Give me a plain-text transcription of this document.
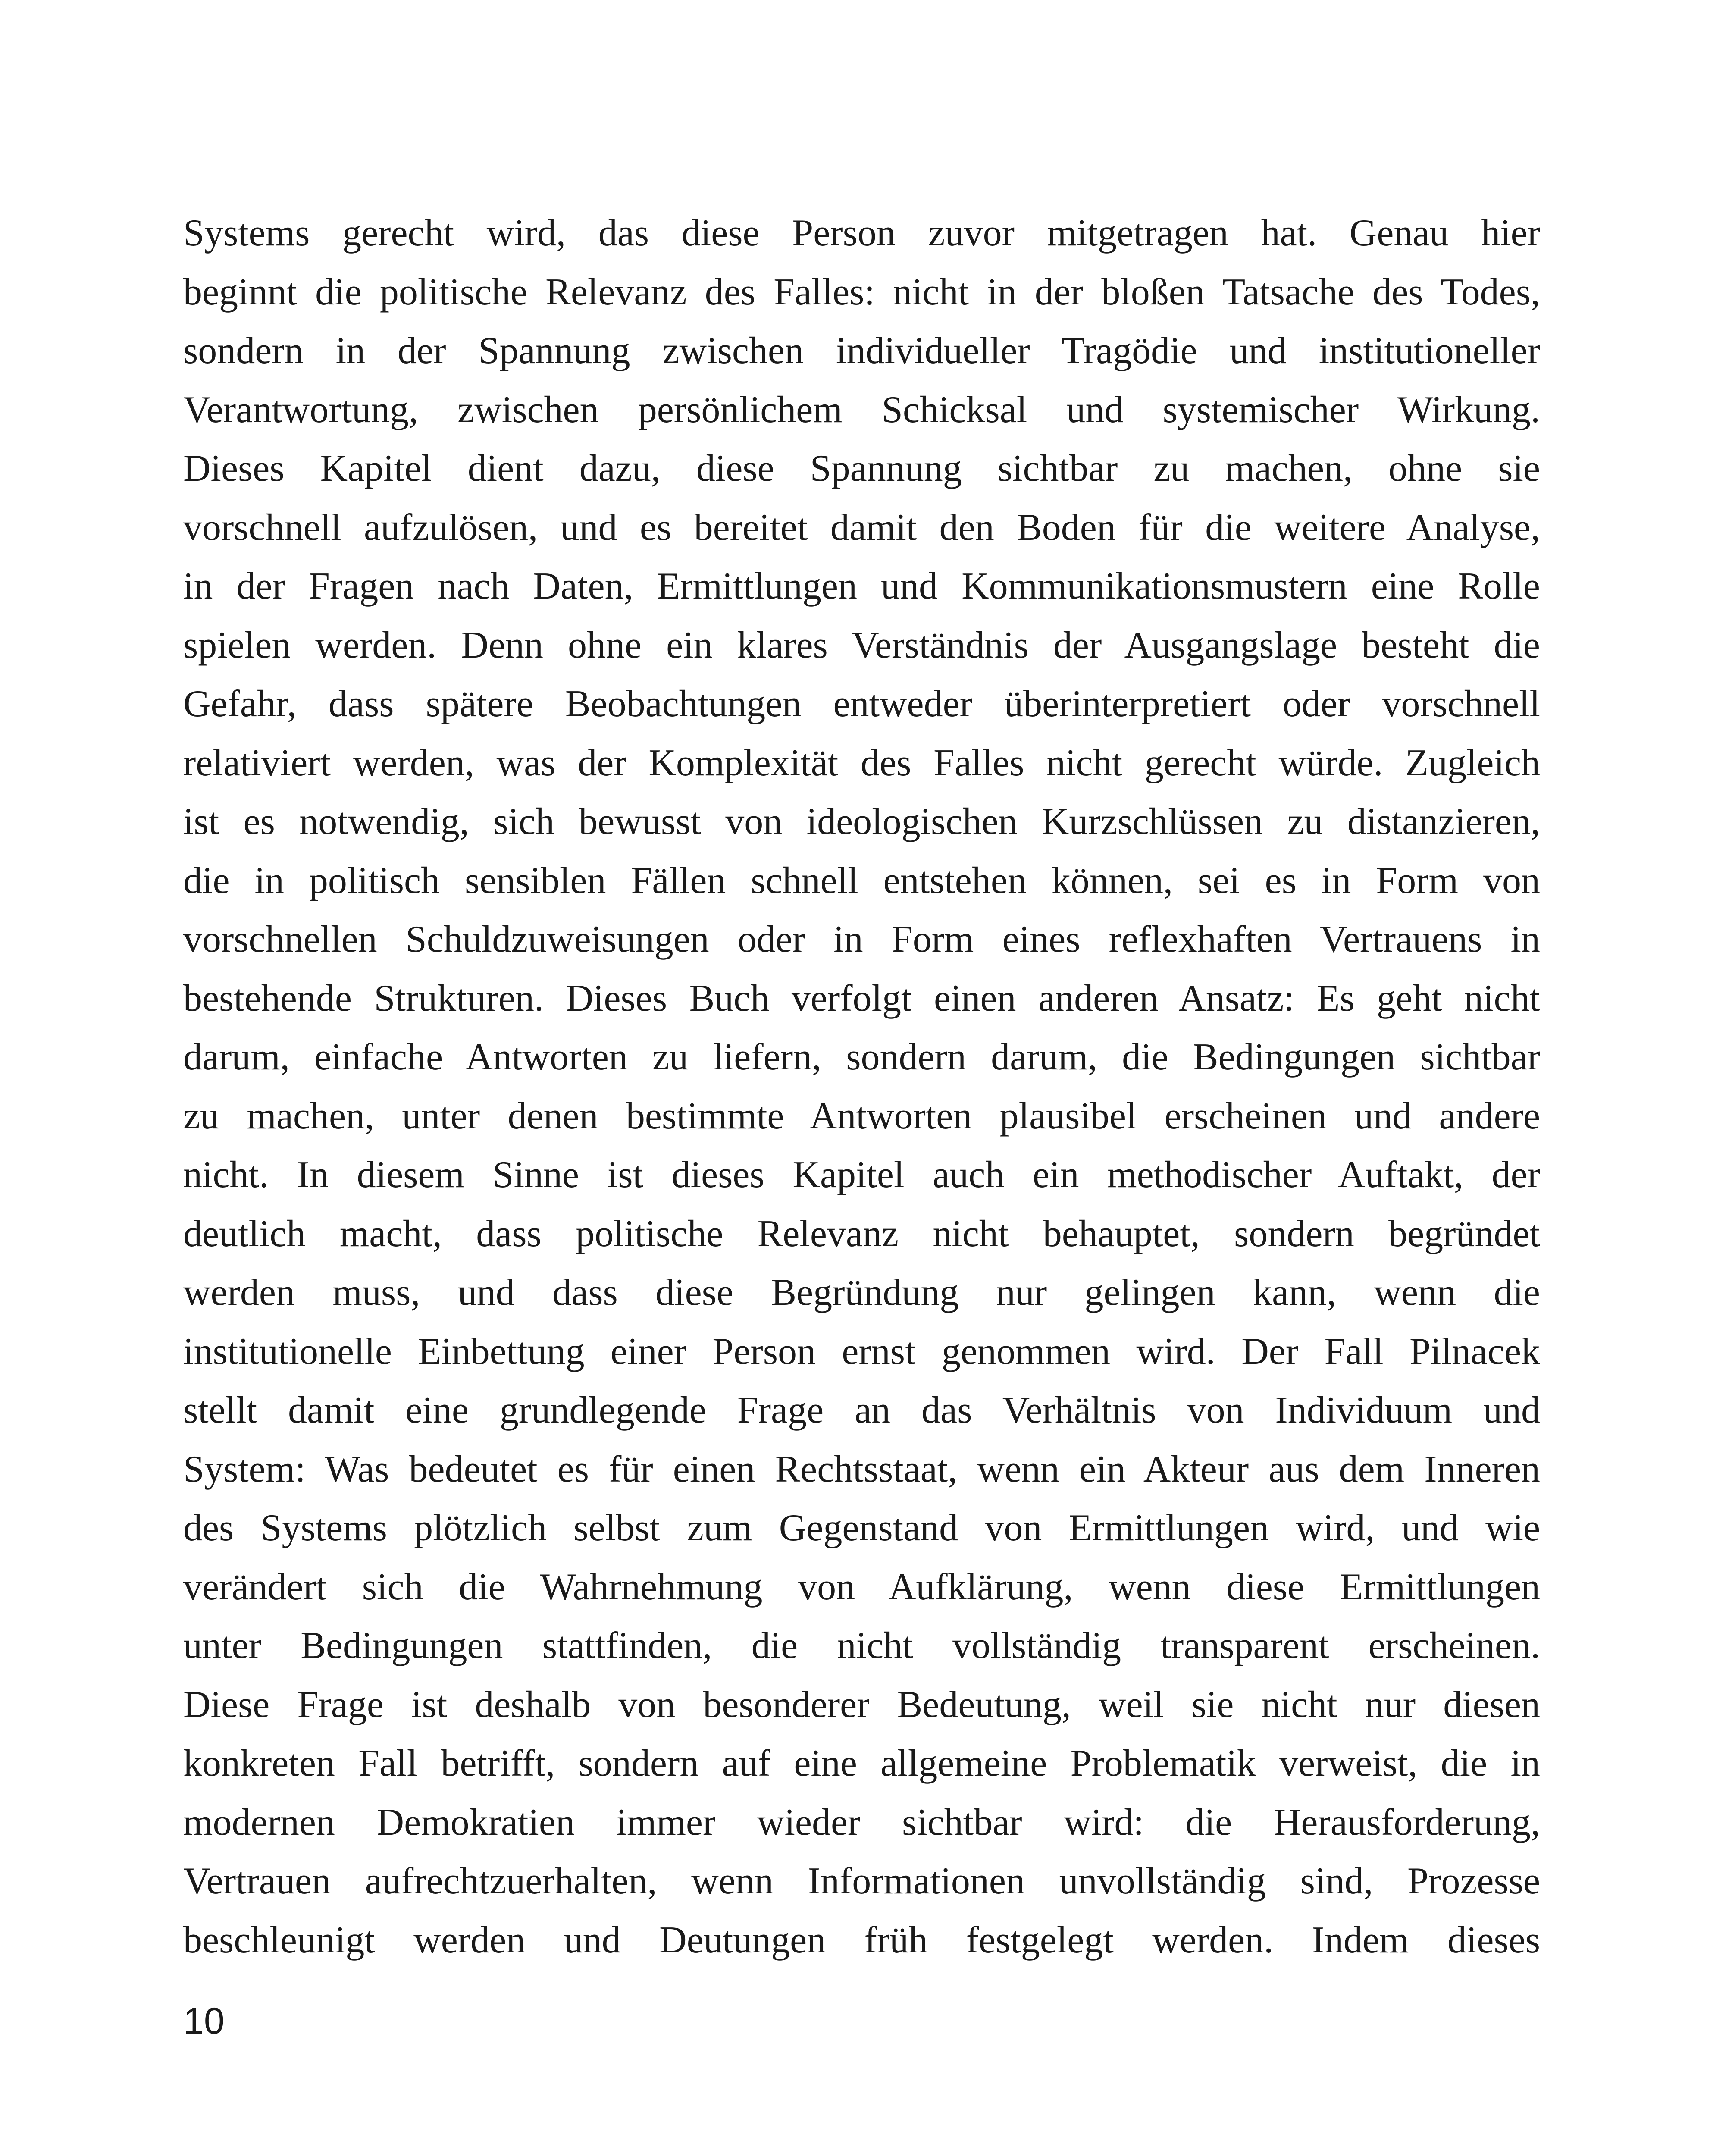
Systems gerecht wird, das diese Person zuvor mitgetragen hat. Genau hier
beginnt die politische Relevanz des Falles: nicht in der bloßen Tatsache des Todes,
sondern in der Spannung zwischen individueller Tragödie und institutioneller
Verantwortung, zwischen persönlichem Schicksal und systemischer Wirkung.
Dieses Kapitel dient dazu, diese Spannung sichtbar zu machen, ohne sie
vorschnell aufzulösen, und es bereitet damit den Boden für die weitere Analyse,
in der Fragen nach Daten, Ermittlungen und Kommunikationsmustern eine Rolle
spielen werden. Denn ohne ein klares Verständnis der Ausgangslage besteht die
Gefahr, dass spätere Beobachtungen entweder überinterpretiert oder vorschnell
relativiert werden, was der Komplexität des Falles nicht gerecht würde. Zugleich
ist es notwendig, sich bewusst von ideologischen Kurzschlüssen zu distanzieren,
die in politisch sensiblen Fällen schnell entstehen können, sei es in Form von
vorschnellen Schuldzuweisungen oder in Form eines reflexhaften Vertrauens in
bestehende Strukturen. Dieses Buch verfolgt einen anderen Ansatz: Es geht nicht
darum, einfache Antworten zu liefern, sondern darum, die Bedingungen sichtbar
zu machen, unter denen bestimmte Antworten plausibel erscheinen und andere
nicht. In diesem Sinne ist dieses Kapitel auch ein methodischer Auftakt, der
deutlich macht, dass politische Relevanz nicht behauptet, sondern begründet
werden muss, und dass diese Begründung nur gelingen kann, wenn die
institutionelle Einbettung einer Person ernst genommen wird. Der Fall Pilnacek
stellt damit eine grundlegende Frage an das Verhältnis von Individuum und
System: Was bedeutet es für einen Rechtsstaat, wenn ein Akteur aus dem Inneren
des Systems plötzlich selbst zum Gegenstand von Ermittlungen wird, und wie
verändert sich die Wahrnehmung von Aufklärung, wenn diese Ermittlungen
unter Bedingungen stattfinden, die nicht vollständig transparent erscheinen.
Diese Frage ist deshalb von besonderer Bedeutung, weil sie nicht nur diesen
konkreten Fall betrifft, sondern auf eine allgemeine Problematik verweist, die in
modernen Demokratien immer wieder sichtbar wird: die Herausforderung,
Vertrauen aufrechtzuerhalten, wenn Informationen unvollständig sind, Prozesse
beschleunigt werden und Deutungen früh festgelegt werden. Indem dieses
10
